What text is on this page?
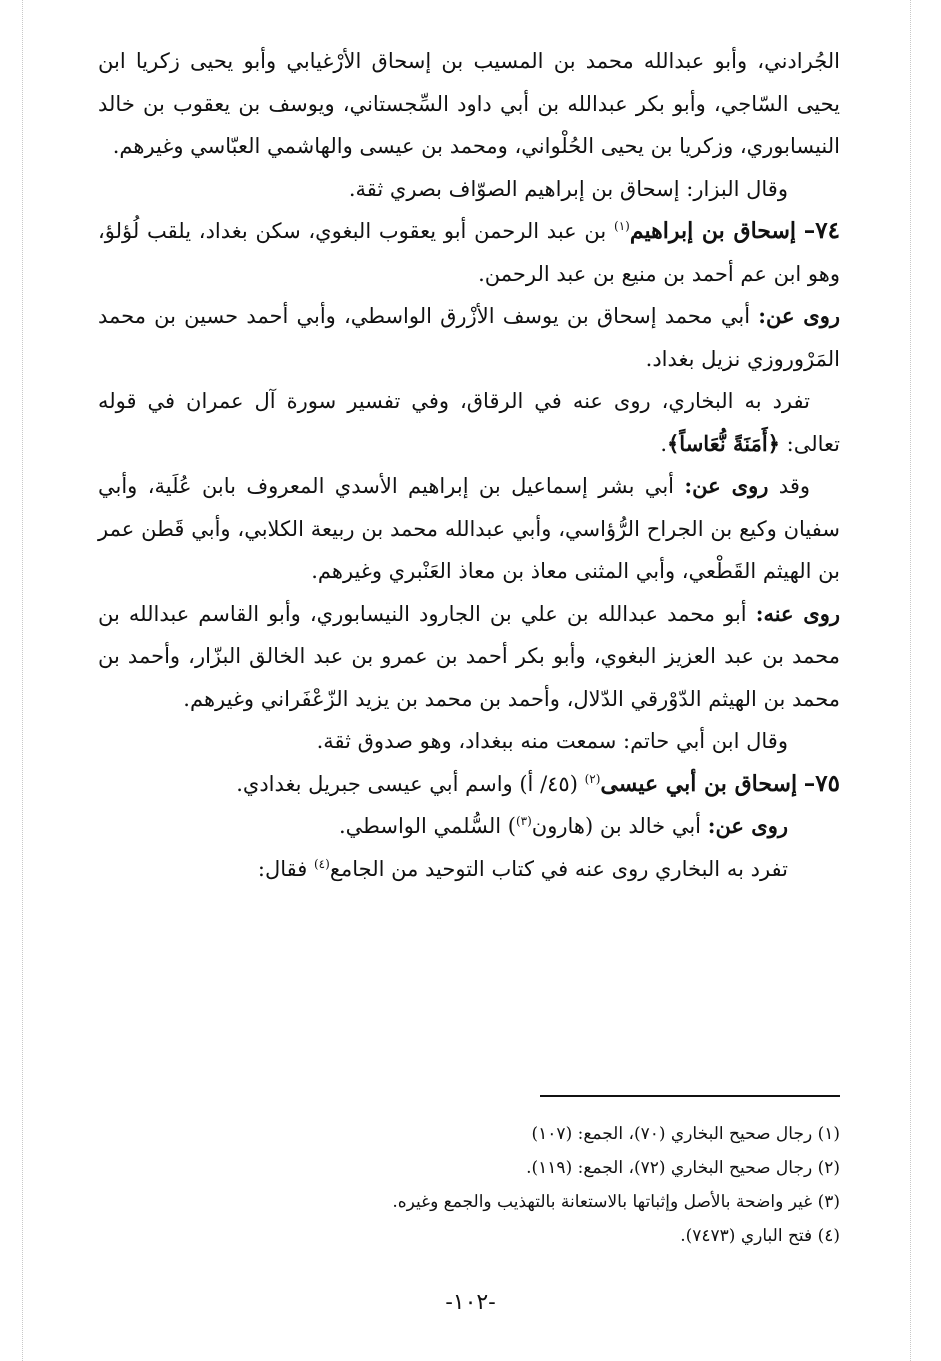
الجُرادني، وأبو عبدالله محمد بن المسيب بن إسحاق الأرْغيابي وأبو يحيى زكريا ابن يحيى السّاجي، وأبو بكر عبدالله بن أبي داود السِّجستاني، ويوسف بن يعقوب بن خالد النيسابوري، وزكريا بن يحيى الحُلْواني، ومحمد بن عيسى والهاشمي العبّاسي وغيرهم.

وقال البزار: إسحاق بن إبراهيم الصوّاف بصري ثقة.

٧٤– إسحاق بن إبراهيم$^{(١)}$ بن عبد الرحمن أبو يعقوب البغوي، سكن بغداد، يلقب لُؤلؤ، وهو ابن عم أحمد بن منيع بن عبد الرحمن.

روى عن: أبي محمد إسحاق بن يوسف الأزْرق الواسطي، وأبي أحمد حسين بن محمد المَرْوروزي نزيل بغداد.

تفرد به البخاري، روى عنه في الرقاق، وفي تفسير سورة آل عمران في قوله تعالى: ﴿أَمَنَةً نُّعَاساً﴾.

وقد روى عن: أبي بشر إسماعيل بن إبراهيم الأسدي المعروف بابن عُلَية، وأبي سفيان وكيع بن الجراح الرُّؤاسي، وأبي عبدالله محمد بن ربيعة الكلابي، وأبي قَطن عمر بن الهيثم القَطْعي، وأبي المثنى معاذ بن معاذ العَنْبري وغيرهم.

روى عنه: أبو محمد عبدالله بن علي بن الجارود النيسابوري، وأبو القاسم عبدالله بن محمد بن عبد العزيز البغوي، وأبو بكر أحمد بن عمرو بن عبد الخالق البزّار، وأحمد بن محمد بن الهيثم الدّوْرقي الدّلال، وأحمد بن محمد بن يزيد الزّعْفَراني وغيرهم.

وقال ابن أبي حاتم: سمعت منه ببغداد، وهو صدوق ثقة.

٧٥– إسحاق بن أبي عيسى$^{(٢)}$ (٤٥/ أ) واسم أبي عيسى جبريل بغدادي.

روى عن: أبي خالد بن (هارون$^{(٣)}$) السُّلمي الواسطي.

تفرد به البخاري روى عنه في كتاب التوحيد من الجامع$^{(٤)}$ فقال:

(١) رجال صحيح البخاري (٧٠)، الجمع: (١٠٧)

(٢) رجال صحيح البخاري (٧٢)، الجمع: (١١٩).

(٣) غير واضحة بالأصل وإثباتها بالاستعانة بالتهذيب والجمع وغيره.

(٤) فتح الباري (٧٤٧٣).

-١٠٢-
